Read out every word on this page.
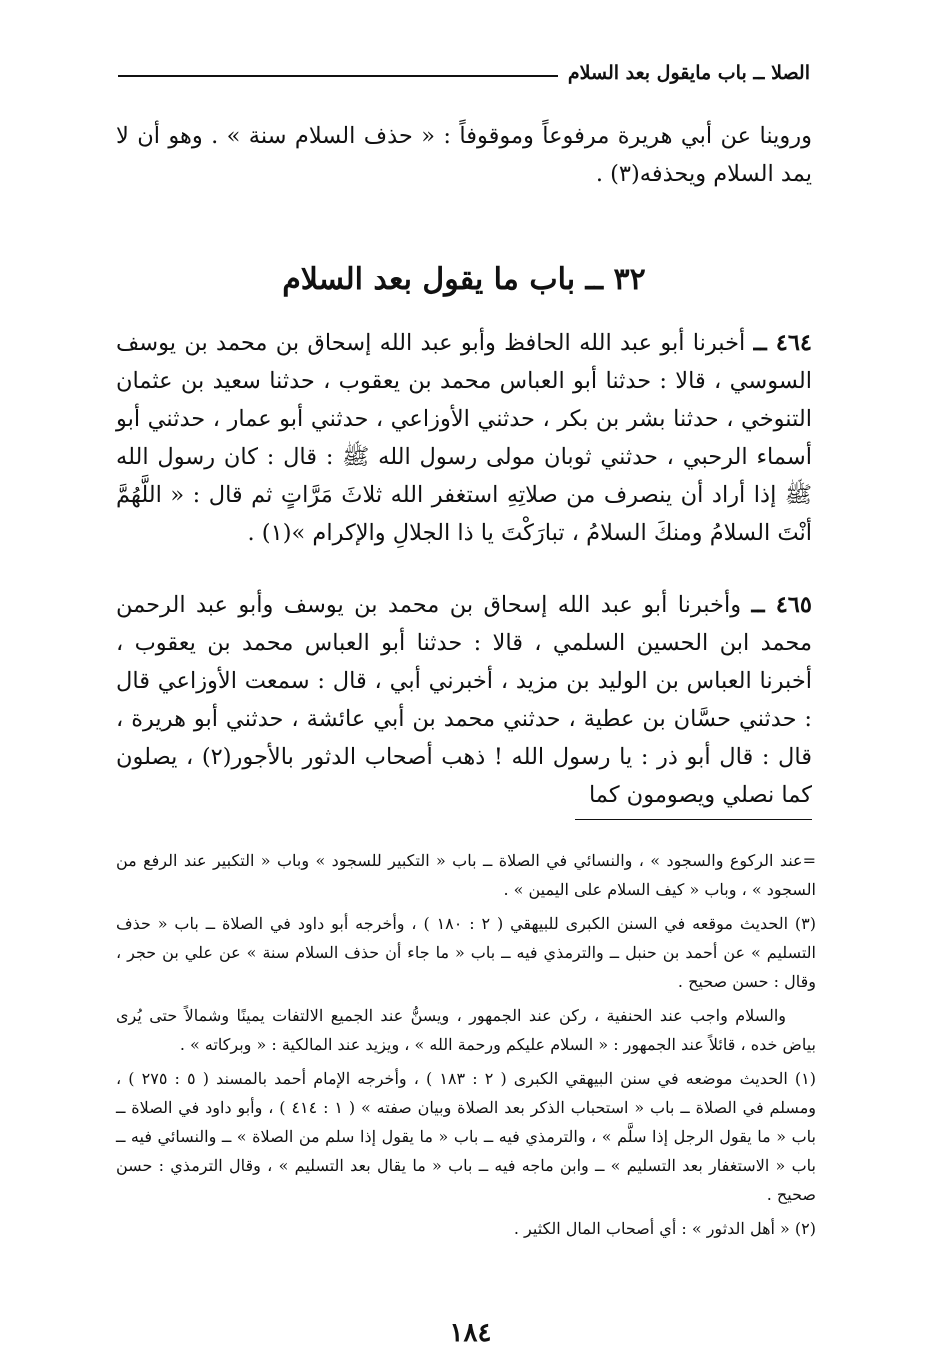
الصلا ــ باب مايقول بعد السلام

وروينا عن أبي هريرة مرفوعاً وموقوفاً : « حذف السلام سنة » . وهو أن لا يمد السلام ويحذفه(٣) .

٣٢ ــ باب ما يقول بعد السلام

٤٦٤ ــ أخبرنا أبو عبد الله الحافظ وأبو عبد الله إسحاق بن محمد بن يوسف السوسي ، قالا : حدثنا أبو العباس محمد بن يعقوب ، حدثنا سعيد بن عثمان التنوخي ، حدثنا بشر بن بكر ، حدثني الأوزاعي ، حدثني أبو عمار ، حدثني أبو أسماء الرحبي ، حدثني ثوبان مولى رسول الله ﷺ : قال : كان رسول الله ﷺ إذا أراد أن ينصرف من صلاتِهِ استغفر الله ثلاثَ مَرَّاتٍ ثم قال : « اللَّهُمَّ أنْتَ السلامُ ومنكَ السلامُ ، تبارَكْتَ يا ذا الجلالِ والإكرام »(١) .

٤٦٥ ــ وأخبرنا أبو عبد الله إسحاق بن محمد بن يوسف وأبو عبد الرحمن محمد ابن الحسين السلمي ، قالا : حدثنا أبو العباس محمد بن يعقوب ، أخبرنا العباس بن الوليد بن مزيد ، أخبرني أبي ، قال : سمعت الأوزاعي قال : حدثني حسَّان بن عطية ، حدثني محمد بن أبي عائشة ، حدثني أبو هريرة ، قال : قال أبو ذر : يا رسول الله ! ذهب أصحاب الدثور بالأجور(٢) ، يصلون كما نصلي ويصومون كما

=عند الركوع والسجود » ، والنسائي في الصلاة ــ باب « التكبير للسجود » وباب « التكبير عند الرفع من السجود » ، وباب « كيف السلام على اليمين » .

(٣) الحديث موقعه في السنن الكبرى للبيهقي ( ٢ : ١٨٠ ) ، وأخرجه أبو داود في الصلاة ــ باب « حذف التسليم » عن أحمد بن حنبل ــ والترمذي فيه ــ باب « ما جاء أن حذف السلام سنة » عن علي بن حجر ، وقال : حسن صحيح .

والسلام واجب عند الحنفية ، ركن عند الجمهور ، ويسنُّ عند الجميع الالتفات يمينًا وشمالاً حتى يُرى بياض خده ، قائلاً عند الجمهور : « السلام عليكم ورحمة الله » ، ويزيد عند المالكية : « وبركاته » .

(١) الحديث موضعه في سنن البيهقي الكبرى ( ٢ : ١٨٣ ) ، وأخرجه الإمام أحمد بالمسند ( ٥ : ٢٧٥ ) ، ومسلم في الصلاة ــ باب « استحباب الذكر بعد الصلاة وبيان صفته » ( ١ : ٤١٤ ) ، وأبو داود في الصلاة ــ باب « ما يقول الرجل إذا سلَّم » ، والترمذي فيه ــ باب « ما يقول إذا سلم من الصلاة » ــ والنسائي فيه ــ باب « الاستغفار بعد التسليم » ــ وابن ماجه فيه ــ باب « ما يقال بعد التسليم » ، وقال الترمذي : حسن صحيح .

(٢) « أهل الدثور » : أي أصحاب المال الكثير .

١٨٤
